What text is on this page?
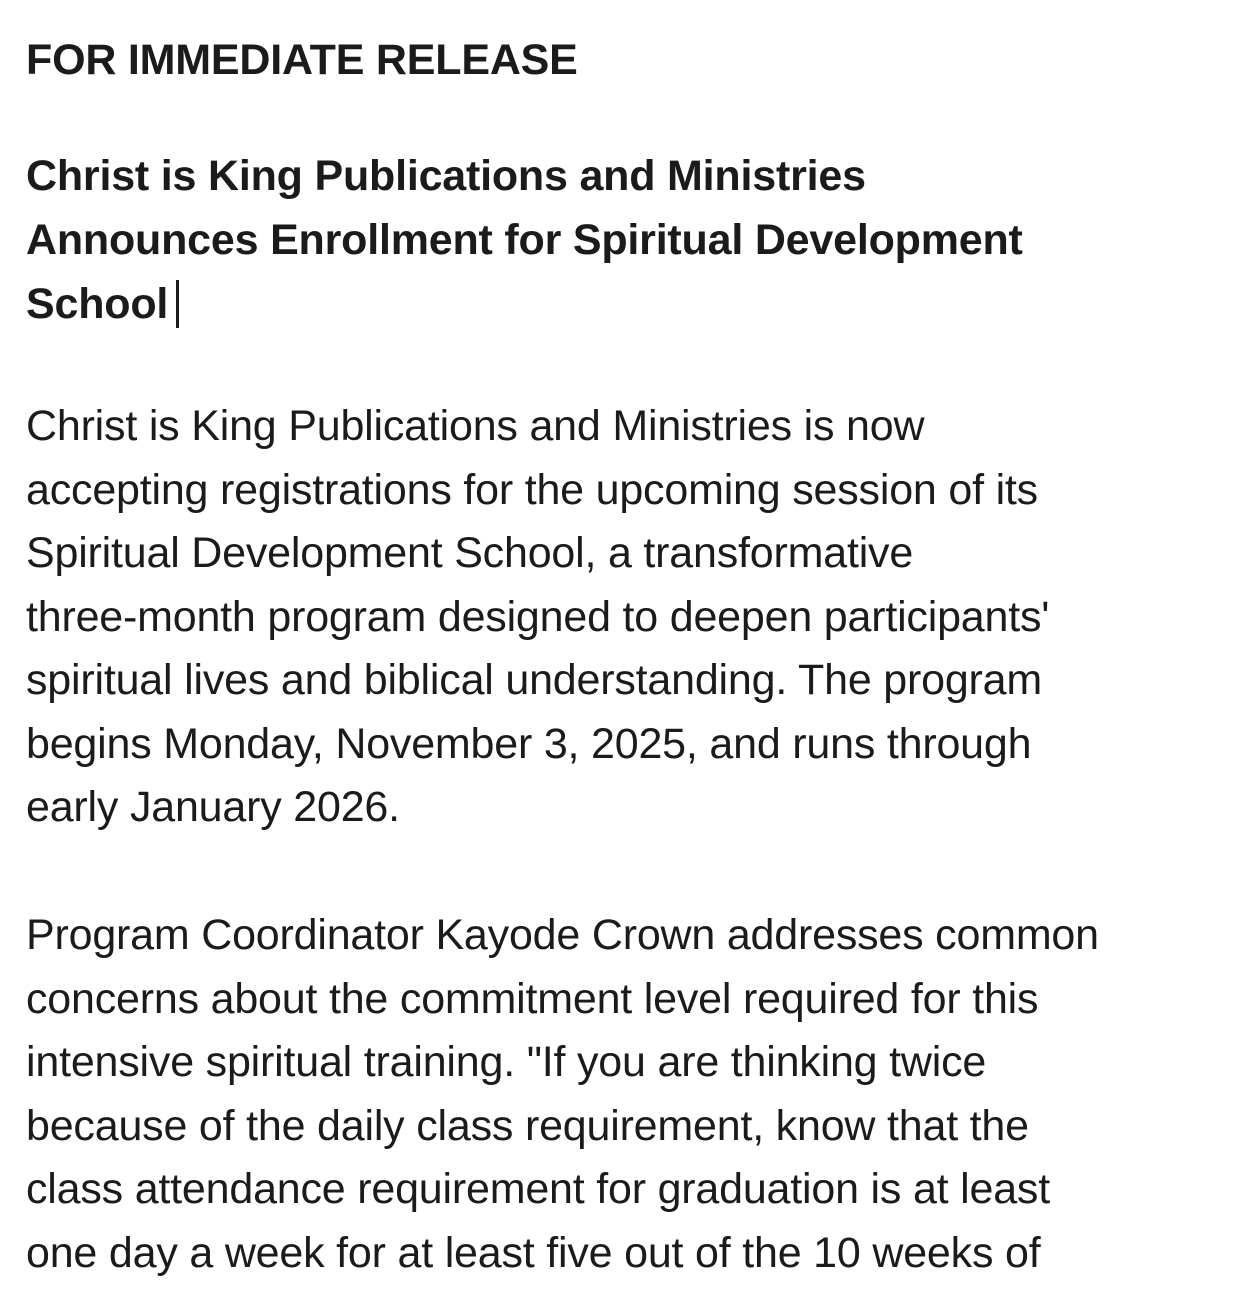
FOR IMMEDIATE RELEASE
Christ is King Publications and Ministries
Announces Enrollment for Spiritual Development
School
Christ is King Publications and Ministries is now
accepting registrations for the upcoming session of its
Spiritual Development School, a transformative
three-month program designed to deepen participants'
spiritual lives and biblical understanding. The program
begins Monday, November 3, 2025, and runs through
early January 2026.
Program Coordinator Kayode Crown addresses common
concerns about the commitment level required for this
intensive spiritual training. "If you are thinking twice
because of the daily class requirement, know that the
class attendance requirement for graduation is at least
one day a week for at least five out of the 10 weeks of
